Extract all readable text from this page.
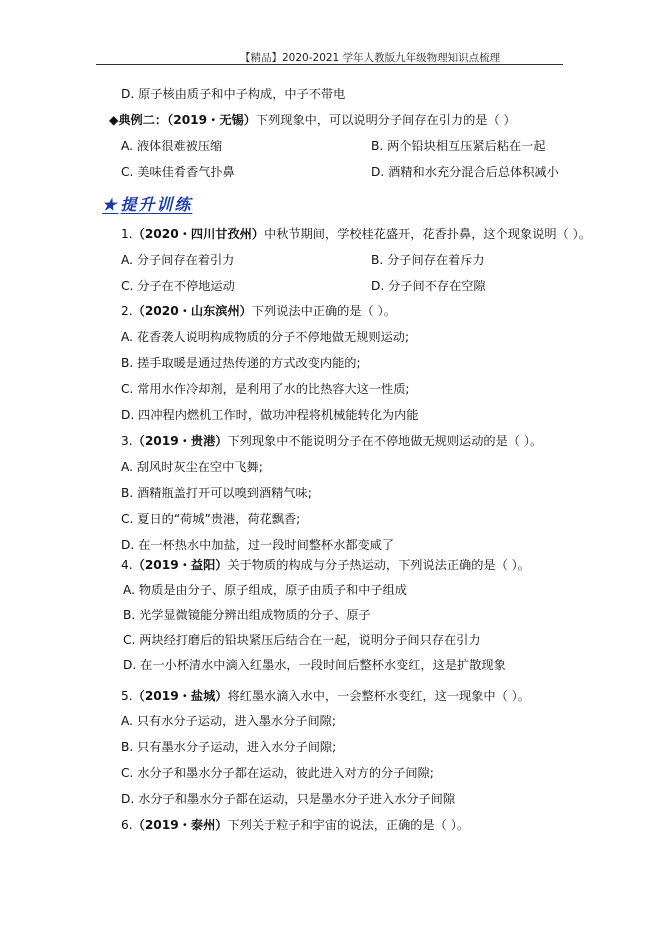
【精品】2020-2021 学年人教版九年级物理知识点梳理
D. 原子核由质子和中子构成，中子不带电
◆典例二：（2019・无锡）下列现象中，可以说明分子间存在引力的是（ ）
A. 液体很难被压缩	B. 两个铅块相互压紧后粘在一起
C. 美味佳肴香气扑鼻	D. 酒精和水充分混合后总体积减小
★ 提升训练
1.（2020・四川甘孜州）中秋节期间，学校桂花盛开，花香扑鼻，这个现象说明（ ）。
A. 分子间存在着引力	B. 分子间存在着斥力
C. 分子在不停地运动	D. 分子间不存在空隙
2.（2020・山东滨州）下列说法中正确的是（ ）。
A. 花香袭人说明构成物质的分子不停地做无规则运动;
B. 搓手取暖是通过热传递的方式改变内能的;
C. 常用水作冷却剂，是利用了水的比热容大这一性质;
D. 四冲程内燃机工作时，做功冲程将机械能转化为内能
3.（2019・贵港）下列现象中不能说明分子在不停地做无规则运动的是（ ）。
A. 刮风时灰尘在空中飞舞;
B. 酒精瓶盖打开可以嗅到酒精气味;
C. 夏日的“荷城”贵港，荷花飘香;
D. 在一杯热水中加盐，过一段时间整杯水都变咸了
4.（2019・益阳）关于物质的构成与分子热运动，下列说法正确的是（ ）。
A. 物质是由分子、原子组成，原子由质子和中子组成
B. 光学显微镜能分辨出组成物质的分子、原子
C. 两块经打磨后的铅块紧压后结合在一起，说明分子间只存在引力
D. 在一小杯清水中滴入红墨水，一段时间后整杯水变红，这是扩散现象
5.（2019・盐城）将红墨水滴入水中，一会整杯水变红，这一现象中（ ）。
A. 只有水分子运动，进入墨水分子间隙;
B. 只有墨水分子运动，进入水分子间隙;
C. 水分子和墨水分子都在运动，彼此进入对方的分子间隙;
D. 水分子和墨水分子都在运动，只是墨水分子进入水分子间隙
6.（2019・泰州）下列关于粒子和宇宙的说法，正确的是（ ）。
